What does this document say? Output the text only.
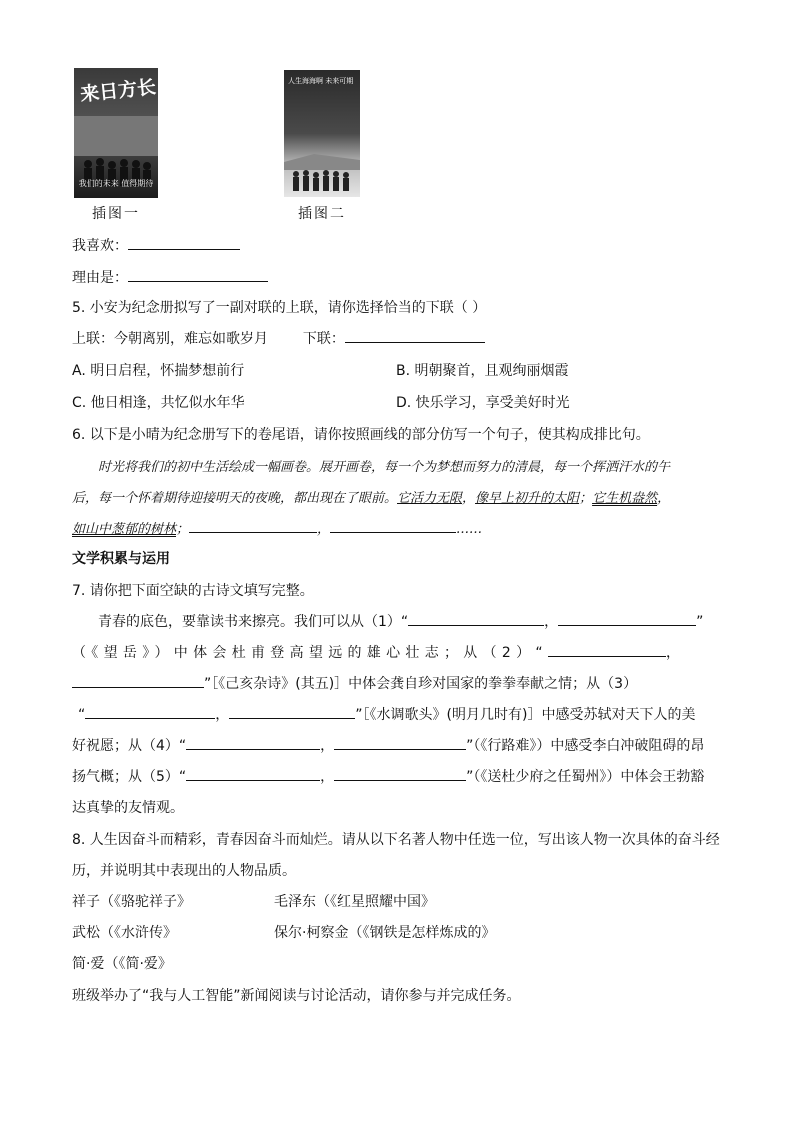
来日方长
我们的未来 值得期待
人生海海啊 未来可期
插图一	插图二
我喜欢：
理由是：
5. 小安为纪念册拟写了一副对联的上联，请你选择恰当的下联（ ）
上联：今朝离别，难忘如歌岁月 下联：
A. 明日启程，怀揣梦想前行	B. 明朝聚首，且观绚丽烟霞
C. 他日相逢，共忆似水年华	D. 快乐学习，享受美好时光
6. 以下是小晴为纪念册写下的卷尾语，请你按照画线的部分仿写一个句子，使其构成排比句。
时光将我们的初中生活绘成一幅画卷。展开画卷，每一个为梦想而努力的清晨，每一个挥洒汗水的午
后，每一个怀着期待迎接明天的夜晚，都出现在了眼前。它活力无限，像早上初升的太阳；它生机盎然，
如山中葱郁的树林；	，	……
文学积累与运用
7. 请你把下面空缺的古诗文填写完整。
青春的底色，要靠读书来擦亮。我们可以从（1）“	，	”
（《望岳》）中体会杜甫登高望远的雄心壮志；从（2）“	，
”［《己亥杂诗》(其五)］中体会龚自珍对国家的拳拳奉献之情；从（3）
“	，	”［《水调歌头》(明月几时有)］中感受苏轼对天下人的美
好祝愿；从（4）“	，	”（《行路难》）中感受李白冲破阻碍的昂
扬气概；从（5）“	，	”（《送杜少府之任蜀州》）中体会王勃豁
达真挚的友情观。
8. 人生因奋斗而精彩，青春因奋斗而灿烂。请从以下名著人物中任选一位，写出该人物一次具体的奋斗经
历，并说明其中表现出的人物品质。
祥子（《骆驼祥子》	毛泽东（《红星照耀中国》
武松（《水浒传》	保尔·柯察金（《钢铁是怎样炼成的》
简·爱（《简·爱》
班级举办了“我与人工智能”新闻阅读与讨论活动，请你参与并完成任务。
